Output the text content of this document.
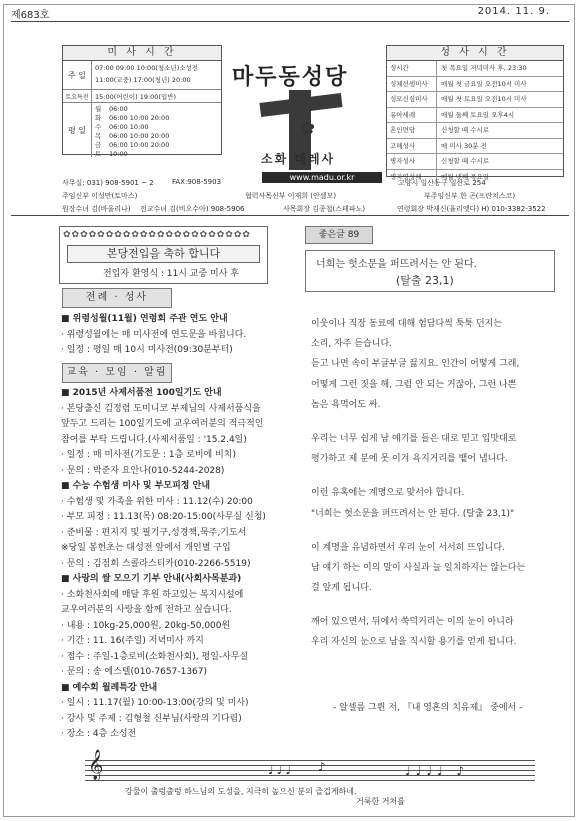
제683호	2014. 11. 9.
미 사 시 간
주 일
07:00 09:00 10:00(청소년)소성전
11:00(교중) 17:00(청년) 20:00
토요특전 15:00(어린이) 19:00(일반)
평 일
월 06:00
화 06:00 10:00 20:00
수 06:00 10:00
목 06:00 10:00 20:00
금 06:00 10:00 20:00
토 10:00
마두동성당
✿
소화 데레사
www.madu.or.kr
성 사 시 간
성시간	첫 목요일 저녁미사 후, 23:30
성체선생미사	매월 첫 금요일 오전10시 미사
성모신심미사	매월 첫 토요일 오전10시 미사
유아세례	매월 둘째 토요일 오후4시
혼인면담	신청할 때 수시로
고해성사	매 미사 30분 전
병자성사	신청할 때 수시로
병자영성체	매월 넷째 목요일
사무실: 031) 908-5901 ~ 2	FAX:908-5903	고양시 일산동구 일산로 254
주임신부 이성만(토마스)	협력사목신부 이재희 (안셀모)	부주임신부 한 곤(프란치스코)
원장수녀 김(바울리나) 전교수녀 김(비오수아) 908-5906	사목회장 김종철(스테파노)	연령회장 박재신(율리엣다) H) 010-3382-3522
✿✿✿✿✿✿✿✿✿✿✿✿✿✿✿✿✿✿✿✿✿✿
본당전입을 축하 합니다
전입자 환영식 : 11시 교중 미사 후
전례 · 성사
■ 위령성월(11월) 연령회 주관 연도 안내
· 위령성월에는 매 미사전에 연도문을 바칩니다.
· 일정 : 평일 매 10시 미사전(09:30분부터)
교육 · 모임 · 알림
■ 2015년 사제서품전 100일기도 안내
· 본당출신 김정렴 도미니코 부제님의 사제서품식을
앞두고 드리는 100일기도에 교우여러분의 적극적인
참여를 부탁 드립니다.(사제서품일 : '15.2.4일)
· 일정 : 매 미사전(기도문 : 1층 로비에 비치)
· 문의 : 박준자 요안나(010-5244-2028)
■ 수능 수험생 미사 및 부모피정 안내
· 수험생 및 가족을 위한 미사 : 11.12(수) 20:00
· 부모 피정 : 11.13(목) 08:20-15:00(사무실 신청)
· 준비물 : 편지지 및 필기구,성경책,묵주,기도서
※당일 봉헌초는 대성전 앞에서 개인별 구입
· 문의 : 김점희 스콜라스티카(010-2266-5519)
■ 사랑의 쌀 모으기 기부 안내(사회사목분과)
· 소화천사회에 매달 후원 하고있는 복지시설에
교우여러분의 사랑을 함께 전하고 싶습니다.
· 내용 : 10kg-25,000원, 20kg-50,000원
· 기간 : 11. 16(주일) 저녁미사 까지
· 접수 : 주일-1층로비(소화천사회), 평일-사무실
· 문의 : 송 에스텔(010-7657-1367)
■ 예수회 월례특강 안내
· 일시 : 11.17(월) 10:00-13:00(강의 및 미사)
· 강사 및 주제 : 김형철 신부님(사랑의 기다림)
· 장소 : 4층 소성전
좋은글 89
너희는 헛소문을 퍼뜨려서는 안 된다.
(탈출 23,1)
이웃이나 직장 동료에 대해 험담다씩 툭툭 던지는
소리, 자주 듣습니다.
듣고 나면 속이 부글부글 끓지요. 인간이 어떻게 그래,
어떻게 그런 짓을 해, 그럼 안 되는 거잖아, 그런 나쁜
놈은 욕먹어도 싸.
우리는 너무 쉽게 남 얘기를 들은 대로 믿고 입맛대로
평가하고 제 분에 못 이겨 욕지거리를 뱉어 냅니다.
이런 유혹에는 계명으로 맞서야 합니다.
"너희는 헛소문을 퍼뜨려서는 안 된다. (탈출 23,1)"
이 계명을 유념하면서 우리 눈이 서서히 뜨입니다.
남 얘기 하는 이의 말이 사실과 늘 일치하지는 않는다는
걸 알게 됩니다.
깨어 있으면서, 뒤에서 쑥덕거리는 이의 눈이 아니라
우리 자신의 눈으로 남을 직시할 용기를 얻게 됩니다.
- 알셀름 그륀 저, 『내 영혼의 치유제』 중에서 -
𝄞	♩♩♩ ♪	♩♩♩♩ ♪
강물이 출렁출렁 하느님의 도성을, 지극히 높으신 분의 즐겁게하네.
거룩한 거처를
